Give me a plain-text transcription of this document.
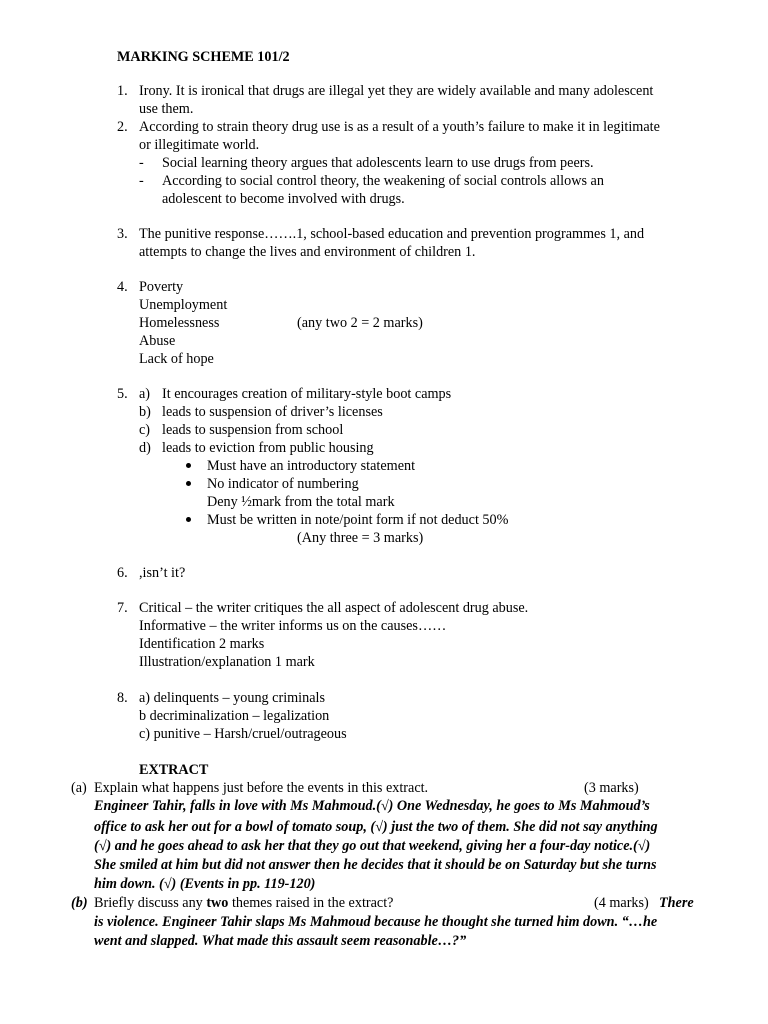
MARKING SCHEME 101/2
1. Irony. It is ironical that drugs are illegal yet they are widely available and many adolescent
use them.
2. According to strain theory drug use is as a result of a youth’s failure to make it in legitimate
or illegitimate world.
- Social learning theory argues that adolescents learn to use drugs from peers.
- According to social control theory, the weakening of social controls allows an
adolescent to become involved with drugs.
3. The punitive response…….1, school-based education and prevention programmes 1, and
attempts to change the lives and environment of children 1.
4. Poverty
Unemployment
Homelessness	(any two 2 = 2 marks)
Abuse
Lack of hope
5. a) It encourages creation of military-style boot camps
b) leads to suspension of driver’s licenses
c) leads to suspension from school
d) leads to eviction from public housing
Must have an introductory statement
No indicator of numbering
Deny ½mark from the total mark
Must be written in note/point form if not deduct 50%
(Any three = 3 marks)
6. ,isn’t it?
7. Critical – the writer critiques the all aspect of adolescent drug abuse.
Informative – the writer informs us on the causes……
Identification 2 marks
Illustration/explanation 1 mark
8. a) delinquents – young criminals
b decriminalization – legalization
c) punitive – Harsh/cruel/outrageous
EXTRACT
(a) Explain what happens just before the events in this extract.	(3 marks)
Engineer Tahir, falls in love with Ms Mahmoud.(√) One Wednesday, he goes to Ms Mahmoud’s
office to ask her out for a bowl of tomato soup, (√) just the two of them. She did not say anything
(√) and he goes ahead to ask her that they go out that weekend, giving her a four-day notice.(√)
She smiled at him but did not answer then he decides that it should be on Saturday but she turns
him down. (√) (Events in pp. 119-120)
(b) Briefly discuss any two themes raised in the extract?	(4 marks) There
is violence. Engineer Tahir slaps Ms Mahmoud because he thought she turned him down. “…he
went and slapped. What made this assault seem reasonable…?”
